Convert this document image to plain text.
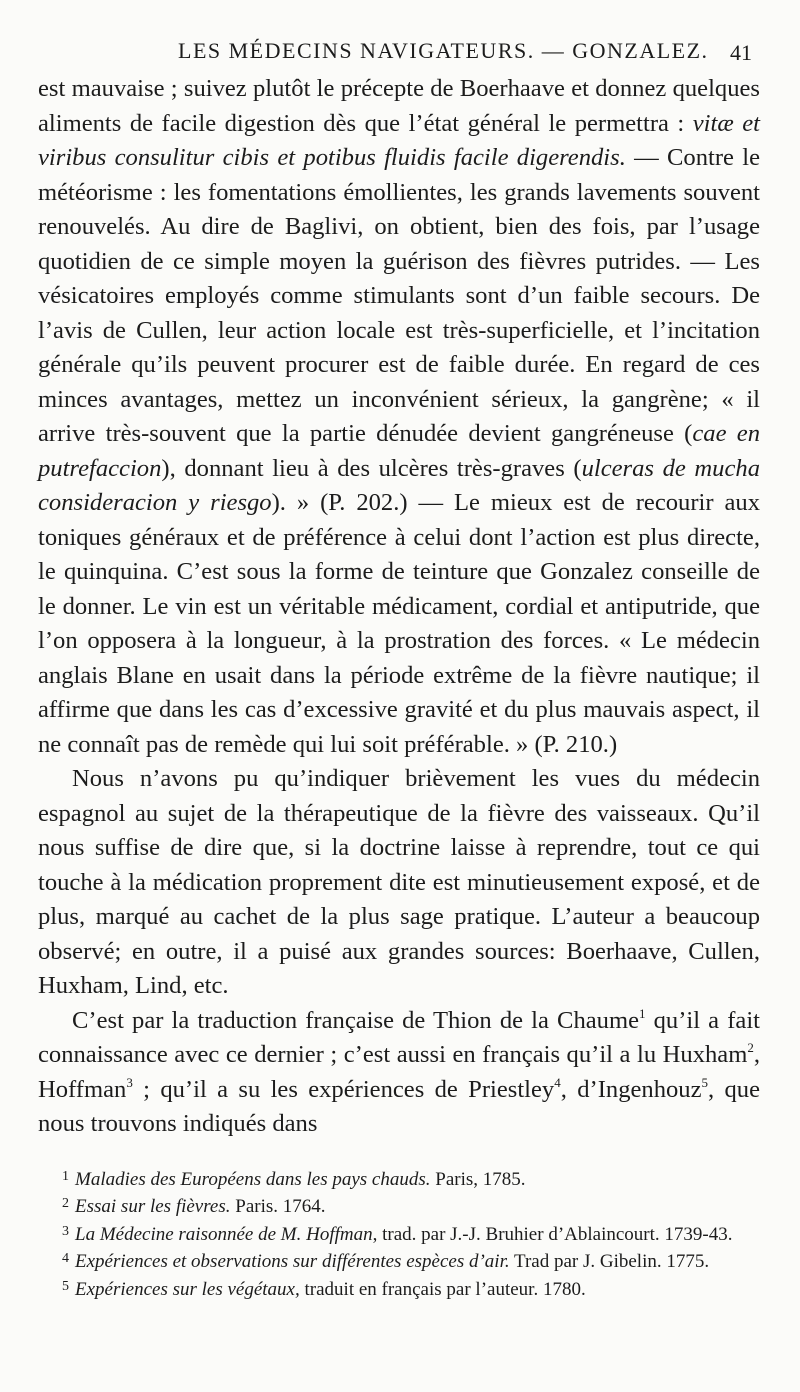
LES MÉDECINS NAVIGATEURS. — GONZALEZ. 41

est mauvaise ; suivez plutôt le précepte de Boerhaave et donnez quelques aliments de facile digestion dès que l’état général le permettra : vitæ et viribus consulitur cibis et potibus fluidis facile digerendis. — Contre le météorisme : les fomentations émollientes, les grands lavements souvent renouvelés. Au dire de Baglivi, on obtient, bien des fois, par l’usage quotidien de ce simple moyen la guérison des fièvres putrides. — Les vésicatoires employés comme stimulants sont d’un faible secours. De l’avis de Cullen, leur action locale est très-superficielle, et l’incitation générale qu’ils peuvent procurer est de faible durée. En regard de ces minces avantages, mettez un inconvénient sérieux, la gangrène; « il arrive très-souvent que la partie dénudée devient gangréneuse (cae en putrefaccion), donnant lieu à des ulcères très-graves (ulceras de mucha consideracion y riesgo). » (P. 202.) — Le mieux est de recourir aux toniques généraux et de préférence à celui dont l’action est plus directe, le quinquina. C’est sous la forme de teinture que Gonzalez conseille de le donner. Le vin est un véritable médicament, cordial et antiputride, que l’on opposera à la longueur, à la prostration des forces. « Le médecin anglais Blane en usait dans la période extrême de la fièvre nautique; il affirme que dans les cas d’excessive gravité et du plus mauvais aspect, il ne connaît pas de remède qui lui soit préférable. » (P. 210.)

Nous n’avons pu qu’indiquer brièvement les vues du médecin espagnol au sujet de la thérapeutique de la fièvre des vaisseaux. Qu’il nous suffise de dire que, si la doctrine laisse à reprendre, tout ce qui touche à la médication proprement dite est minutieusement exposé, et de plus, marqué au cachet de la plus sage pratique. L’auteur a beaucoup observé; en outre, il a puisé aux grandes sources: Boerhaave, Cullen, Huxham, Lind, etc.

C’est par la traduction française de Thion de la Chaume$^1$ qu’il a fait connaissance avec ce dernier ; c’est aussi en français qu’il a lu Huxham$^2$, Hoffman$^3$ ; qu’il a su les expériences de Priestley$^4$, d’Ingenhouz$^5$, que nous trouvons indiqués dans

$^1$ Maladies des Européens dans les pays chauds. Paris, 1785.

$^2$ Essai sur les fièvres. Paris. 1764.

$^3$ La Médecine raisonnée de M. Hoffman, trad. par J.-J. Bruhier d’Ablaincourt. 1739-43.

$^4$ Expériences et observations sur différentes espèces d’air. Trad par J. Gibelin. 1775.

$^5$ Expériences sur les végétaux, traduit en français par l’auteur. 1780.
